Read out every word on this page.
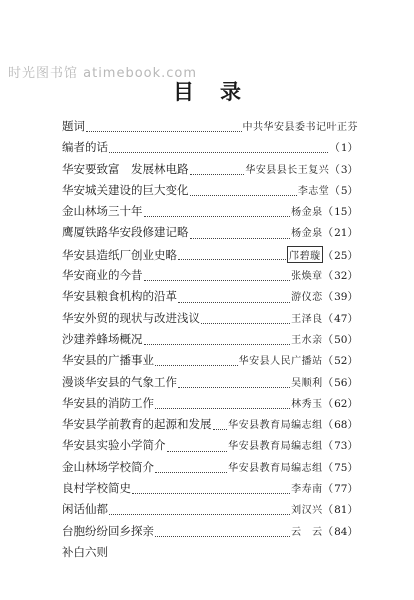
时光图书馆 atimebook.com
目录
题词	中共华安县委书记叶正芬
编者的话	（ 1 ）
华安要致富　发展林电路	华安县县长王复兴 （ 3 ）
华安城关建设的巨大变化	李志堂 （ 5 ）
金山林场三十年	杨金泉 （ 15 ）
鹰厦铁路华安段修建记略	杨金泉 （ 21 ）
华安县造纸厂创业史略	邝碧璇 （ 25 ）
华安商业的今昔	张焕章 （ 32 ）
华安县粮食机构的沿革	游仪恋 （ 39 ）
华安外贸的现状与改进浅议	王泽良 （ 47 ）
沙建养蜂场概况	王水亲 （ 50 ）
华安县的广播事业	华安县人民广播站 （ 52 ）
漫谈华安县的气象工作	吴顺利 （ 56 ）
华安县的消防工作	林秀玉 （ 62 ）
华安县学前教育的起源和发展 华安县教育局编志组 （ 68 ）
华安县实验小学简介	华安县教育局编志组 （ 73 ）
金山林场学校简介	华安县教育局编志组 （ 75 ）
良村学校简史	李寿南 （ 77 ）
闲话仙都	刘汉兴 （ 81 ）
台胞纷纷回乡探亲	云　云 （ 84 ）
补白六则
